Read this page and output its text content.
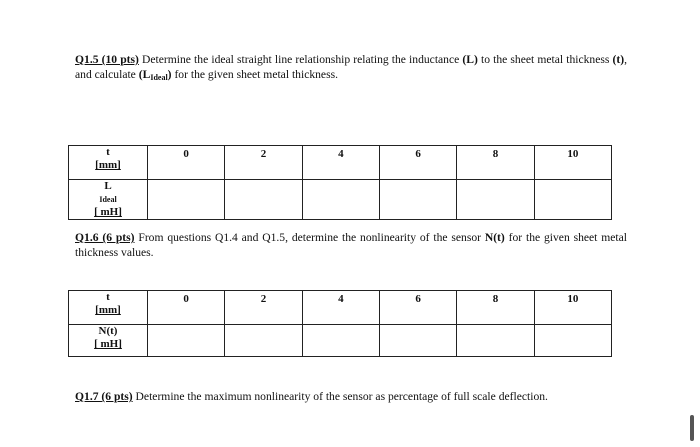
Q1.5 (10 pts) Determine the ideal straight line relationship relating the inductance (L) to the sheet metal thickness (t), and calculate $(L_{Ideal})$ for the given sheet metal thickness.
t
[mm]	0	2	4	6	8	10

L
Ideal
[ mH]						

Q1.6 (6 pts) From questions Q1.4 and Q1.5, determine the nonlinearity of the sensor N(t) for the given sheet metal thickness values.
t
[mm]	0	2	4	6	8	10

N(t)
[ mH]						

Q1.7 (6 pts) Determine the maximum nonlinearity of the sensor as percentage of full scale deflection.
